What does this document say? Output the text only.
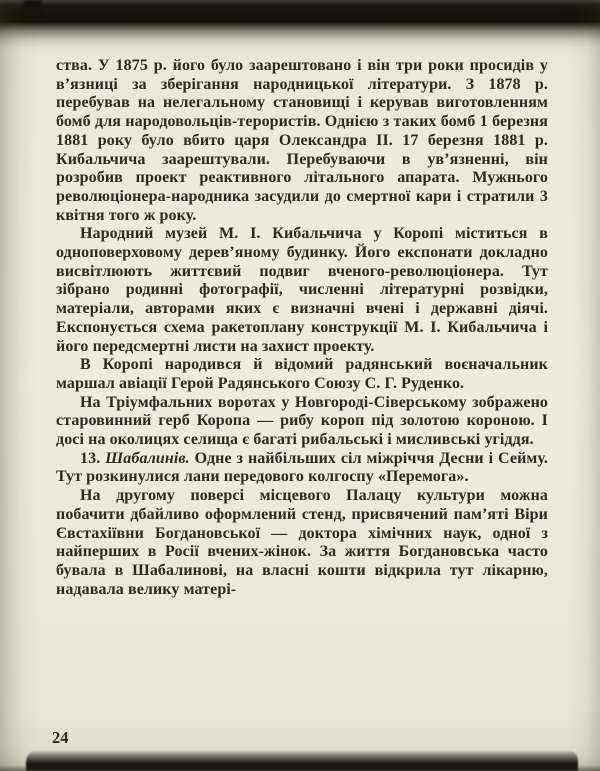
ства. У 1875 р. його було заарештовано і він три роки просидів у в’язниці за зберігання народницької літератури. З 1878 р. перебував на нелегальному становищі і керував виготовленням бомб для народовольців-терористів. Однією з таких бомб 1 березня 1881 року було вбито царя Олександра II. 17 березня 1881 р. Кибальчича заарештували. Перебуваючи в ув’язненні, він розробив проект реактивного літального апарата. Мужнього революціонера-народника засудили до смертної кари і стратили 3 квітня того ж року.

Народний музей М. І. Кибальчича у Коропі міститься в одноповерховому дерев’яному будинку. Його експонати докладно висвітлюють життєвий подвиг вченого-революціонера. Тут зібрано родинні фотографії, численні літературні розвідки, матеріали, авторами яких є визначні вчені і державні діячі. Експонується схема ракетоплану конструкції М. І. Кибальчича і його передсмертні листи на захист проекту.

В Коропі народився й відомий радянський воєначальник маршал авіації Герой Радянського Союзу С. Г. Руденко.

На Тріумфальних воротах у Новгороді-Сіверському зображено старовинний герб Коропа — рибу короп під золотою короною. І досі на околицях селища є багаті рибальські і мисливські угіддя.

13. Шабалинів. Одне з найбільших сіл міжріччя Десни і Сейму. Тут розкинулися лани передового колгоспу «Перемога».

На другому поверсі місцевого Палацу культури можна побачити дбайливо оформлений стенд, присвячений пам’яті Віри Євстахіївни Богдановської — доктора хімічних наук, одної з найперших в Росії вчених-жінок. За життя Богдановська часто бувала в Шабалинові, на власні кошти відкрила тут лікарню, надавала велику матері-

24
